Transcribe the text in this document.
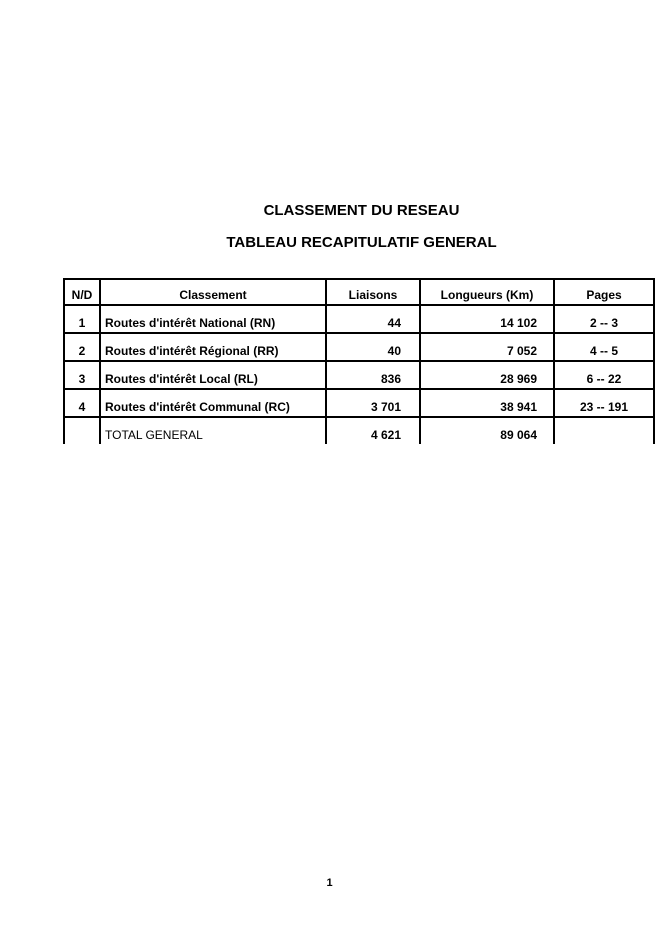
CLASSEMENT DU RESEAU
TABLEAU RECAPITULATIF GENERAL
N/D	Classement	Liaisons	Longueurs (Km)	Pages
1	Routes d'intérêt National (RN)	44	14 102	2 -- 3
2	Routes d'intérêt Régional (RR)	40	7 052	4 -- 5
3	Routes d'intérêt Local (RL)	836	28 969	6 -- 22
4	Routes d'intérêt Communal (RC)	3 701	38 941	23 -- 191
	TOTAL GENERAL	4 621	89 064	
1
